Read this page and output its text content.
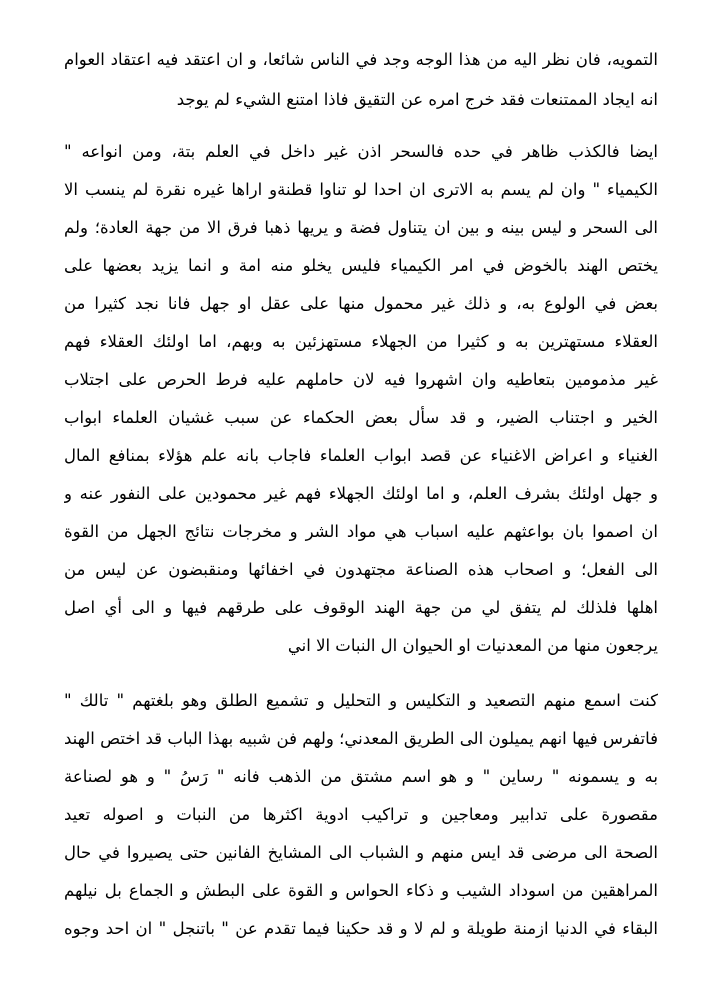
التمويه، فان نظر اليه من هذا الوجه وجد في الناس شائعا، و ان اعتقد فيه اعتقاد العوام
انه ايجاد الممتنعات فقد خرج امره عن التقيق فاذا امتنع الشيء لم يوجد
ايضا فالكذب ظاهر في حده فالسحر اذن غير داخل في العلم بتة، ومن انواعه "
الكيمياء " وان لم يسم به الاترى ان احدا لو تناوا قطنةو اراها غيره نقرة لم ينسب الا
الى السحر و ليس بينه و بين ان يتناول فضة و يريها ذهبا فرق الا من جهة العادة؛ ولم
يختص الهند بالخوض في امر الكيمياء فليس يخلو منه امة و انما يزيد بعضها على
بعض في الولوع به، و ذلك غير محمول منها على عقل او جهل فانا نجد كثيرا من
العقلاء مستهترين به و كثيرا من الجهلاء مستهزئين به وبهم، اما اولئك العقلاء فهم
غير مذمومين بتعاطيه وان اشهروا فيه لان حاملهم عليه فرط الحرص على اجتلاب
الخير و اجتناب الضير، و قد سأل بعض الحكماء عن سبب غشيان العلماء ابواب
الغنياء و اعراض الاغنياء عن قصد ابواب العلماء فاجاب بانه علم هؤلاء بمنافع المال
و جهل اولئك بشرف العلم، و اما اولئك الجهلاء فهم غير محمودين على النفور عنه و
ان اصموا بان بواعثهم عليه اسباب هي مواد الشر و مخرجات نتائج الجهل من القوة
الى الفعل؛ و اصحاب هذه الصناعة مجتهدون في اخفائها ومنقبضون عن ليس من
اهلها فلذلك لم يتفق لي من جهة الهند الوقوف على طرقهم فيها و الى أي اصل
يرجعون منها من المعدنيات او الحيوان ال النبات الا اني
كنت اسمع منهم التصعيد و التكليس و التحليل و تشميع الطلق وهو بلغتهم " تالك "
فاتفرس فيها انهم يميلون الى الطريق المعدني؛ ولهم فن شبيه بهذا الباب قد اختص الهند
به و يسمونه " رساين " و هو اسم مشتق من الذهب فانه " رَسُ " و هو لصناعة
مقصورة على تدابير ومعاجين و تراكيب ادوية اكثرها من النبات و اصوله تعيد
الصحة الى مرضى قد ايس منهم و الشباب الى المشايخ الفانين حتى يصيروا في حال
المراهقين من اسوداد الشيب و ذكاء الحواس و القوة على البطش و الجماع بل نيلهم
البقاء في الدنيا ازمنة طويلة و لم لا و قد حكينا فيما تقدم عن " باتنجل " ان احد وجوه
